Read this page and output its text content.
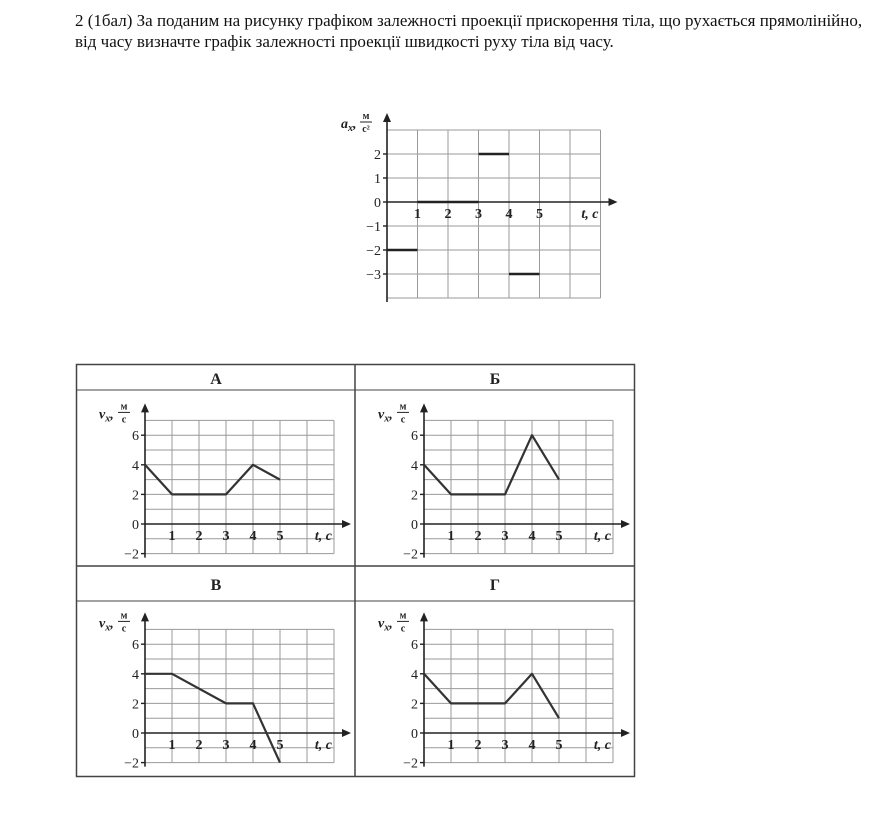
2 (1бал) За поданим на рисунку графіком залежності проекції прискорення тіла, що рухається прямолінійно, від часу визначте графік залежності проекції швидкості руху тіла від часу.

2
1
0
−1
−2
−3
1 2 3 4 5	t, c
$a_x$,
м
с²
А
6
4
2
0
−2
1 2 3 4 5 t, c
$v_x$,
м
с
Б
6
4
2
0
−2
1 2 3 4 5 t, c
$v_x$,
м
с
В
6
4
2
0
−2
1 2 3 4 5 t, c
$v_x$,
м
с
Г
6
4
2
0
−2
1 2 3 4 5 t, c
$v_x$,
м
с
